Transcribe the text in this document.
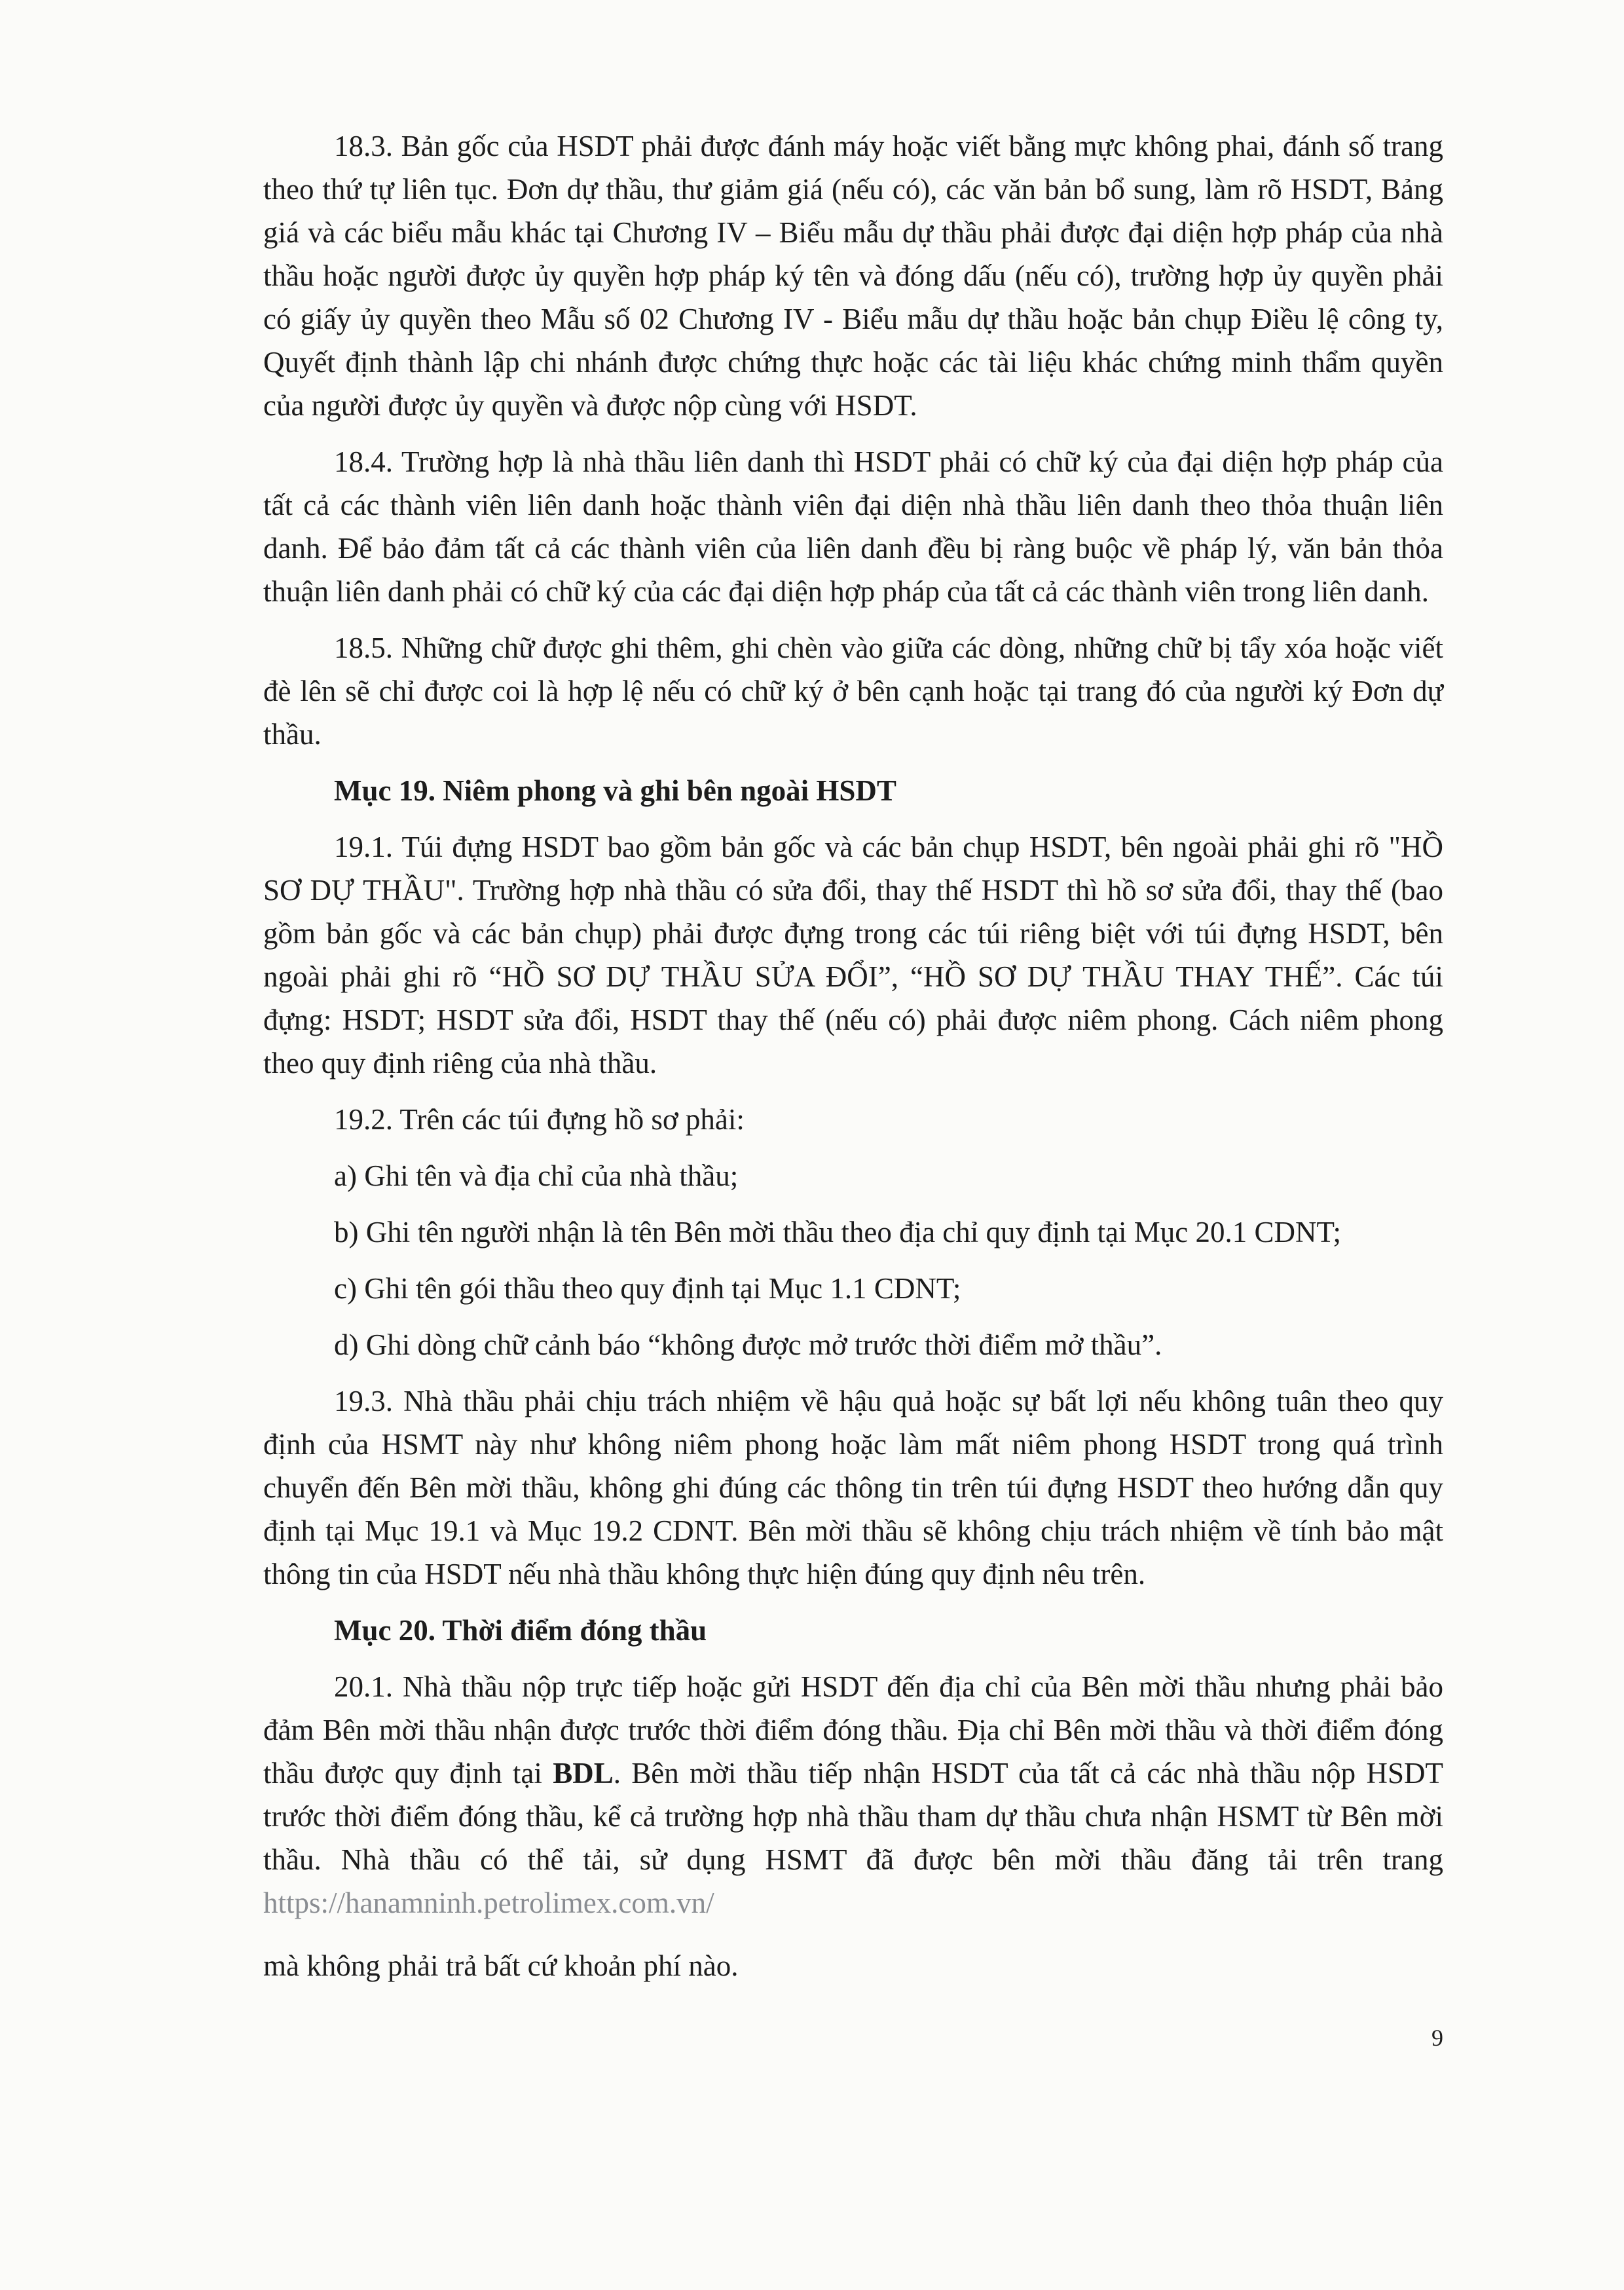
18.3. Bản gốc của HSDT phải được đánh máy hoặc viết bằng mực không phai, đánh số trang theo thứ tự liên tục. Đơn dự thầu, thư giảm giá (nếu có), các văn bản bổ sung, làm rõ HSDT, Bảng giá và các biểu mẫu khác tại Chương IV – Biểu mẫu dự thầu phải được đại diện hợp pháp của nhà thầu hoặc người được ủy quyền hợp pháp ký tên và đóng dấu (nếu có), trường hợp ủy quyền phải có giấy ủy quyền theo Mẫu số 02 Chương IV - Biểu mẫu dự thầu hoặc bản chụp Điều lệ công ty, Quyết định thành lập chi nhánh được chứng thực hoặc các tài liệu khác chứng minh thẩm quyền của người được ủy quyền và được nộp cùng với HSDT.

18.4. Trường hợp là nhà thầu liên danh thì HSDT phải có chữ ký của đại diện hợp pháp của tất cả các thành viên liên danh hoặc thành viên đại diện nhà thầu liên danh theo thỏa thuận liên danh. Để bảo đảm tất cả các thành viên của liên danh đều bị ràng buộc về pháp lý, văn bản thỏa thuận liên danh phải có chữ ký của các đại diện hợp pháp của tất cả các thành viên trong liên danh.

18.5. Những chữ được ghi thêm, ghi chèn vào giữa các dòng, những chữ bị tẩy xóa hoặc viết đè lên sẽ chỉ được coi là hợp lệ nếu có chữ ký ở bên cạnh hoặc tại trang đó của người ký Đơn dự thầu.

Mục 19. Niêm phong và ghi bên ngoài HSDT

19.1. Túi đựng HSDT bao gồm bản gốc và các bản chụp HSDT, bên ngoài phải ghi rõ "HỒ SƠ DỰ THẦU". Trường hợp nhà thầu có sửa đổi, thay thế HSDT thì hồ sơ sửa đổi, thay thế (bao gồm bản gốc và các bản chụp) phải được đựng trong các túi riêng biệt với túi đựng HSDT, bên ngoài phải ghi rõ “HỒ SƠ DỰ THẦU SỬA ĐỔI”, “HỒ SƠ DỰ THẦU THAY THẾ”. Các túi đựng: HSDT; HSDT sửa đổi, HSDT thay thế (nếu có) phải được niêm phong. Cách niêm phong theo quy định riêng của nhà thầu.

19.2. Trên các túi đựng hồ sơ phải:

a) Ghi tên và địa chỉ của nhà thầu;

b) Ghi tên người nhận là tên Bên mời thầu theo địa chỉ quy định tại Mục 20.1 CDNT;

c) Ghi tên gói thầu theo quy định tại Mục 1.1 CDNT;

d) Ghi dòng chữ cảnh báo “không được mở trước thời điểm mở thầu”.

19.3. Nhà thầu phải chịu trách nhiệm về hậu quả hoặc sự bất lợi nếu không tuân theo quy định của HSMT này như không niêm phong hoặc làm mất niêm phong HSDT trong quá trình chuyển đến Bên mời thầu, không ghi đúng các thông tin trên túi đựng HSDT theo hướng dẫn quy định tại Mục 19.1 và Mục 19.2 CDNT. Bên mời thầu sẽ không chịu trách nhiệm về tính bảo mật thông tin của HSDT nếu nhà thầu không thực hiện đúng quy định nêu trên.

Mục 20. Thời điểm đóng thầu

20.1. Nhà thầu nộp trực tiếp hoặc gửi HSDT đến địa chỉ của Bên mời thầu nhưng phải bảo đảm Bên mời thầu nhận được trước thời điểm đóng thầu. Địa chỉ Bên mời thầu và thời điểm đóng thầu được quy định tại BDL. Bên mời thầu tiếp nhận HSDT của tất cả các nhà thầu nộp HSDT trước thời điểm đóng thầu, kể cả trường hợp nhà thầu tham dự thầu chưa nhận HSMT từ Bên mời thầu. Nhà thầu có thể tải, sử dụng HSMT đã được bên mời thầu đăng tải trên trang https://hanamninh.petrolimex.com.vn/

mà không phải trả bất cứ khoản phí nào.

9
